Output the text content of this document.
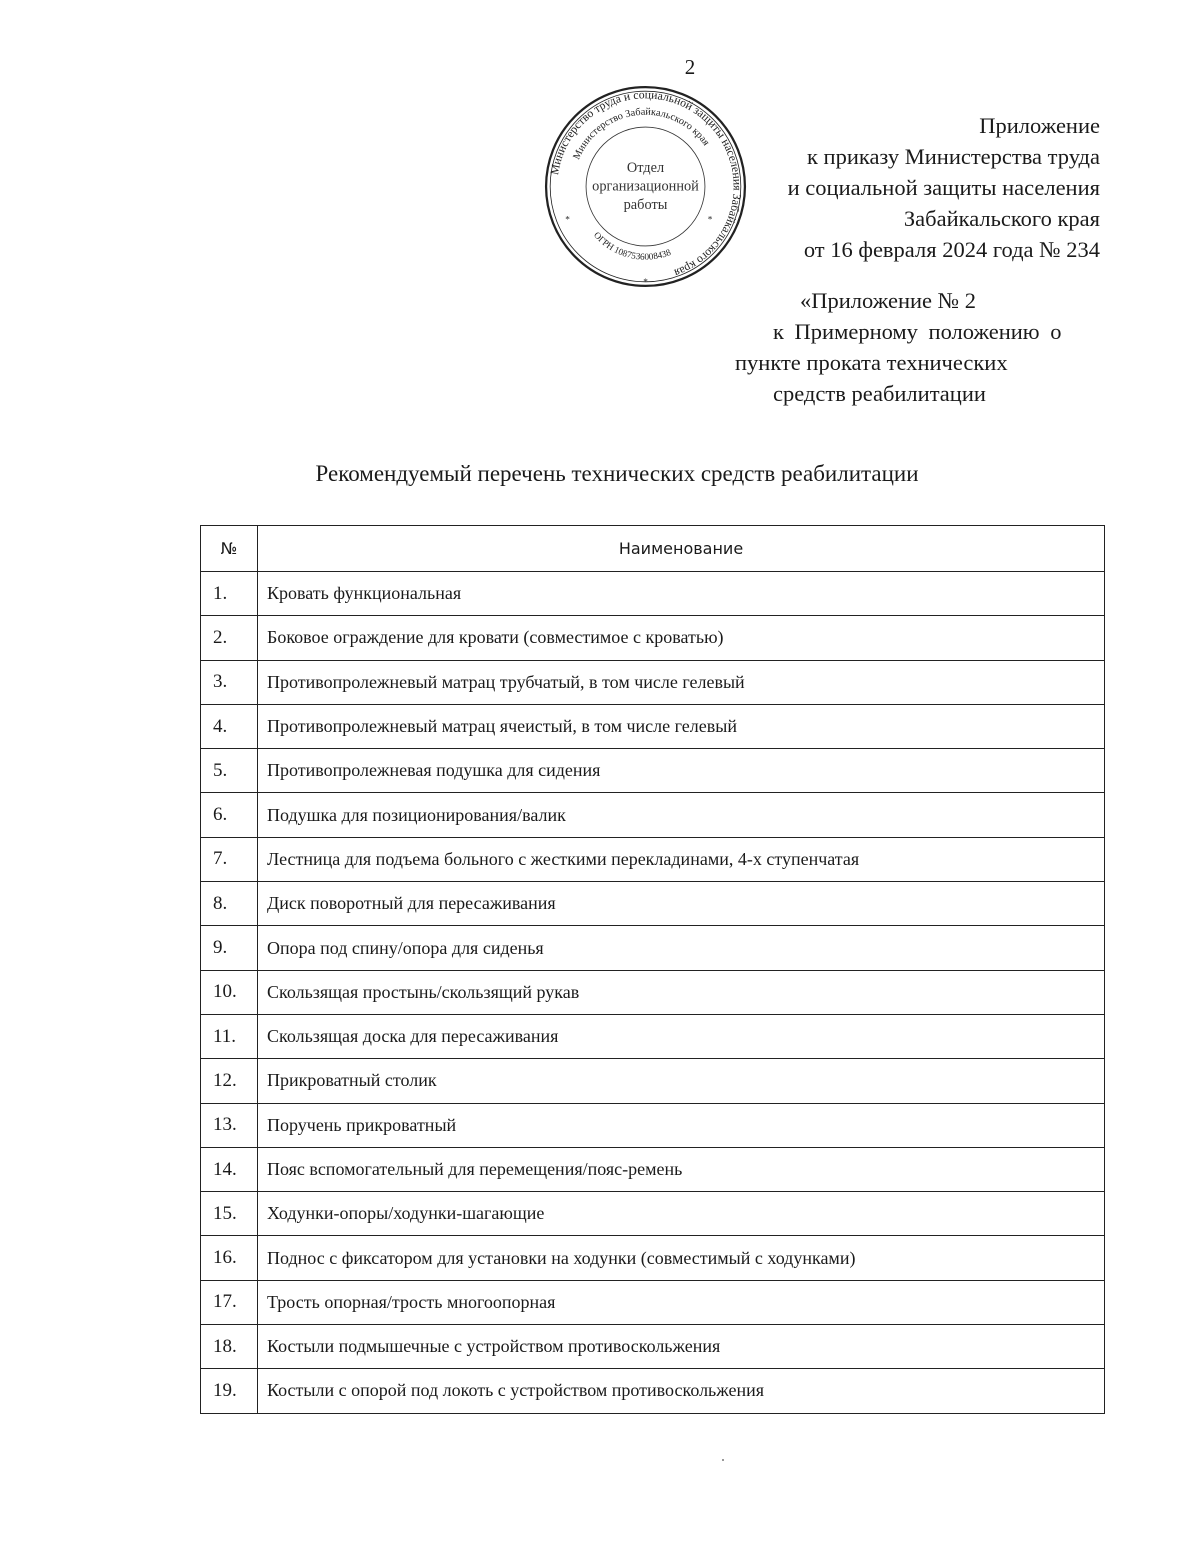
2
Приложение
к приказу Министерства труда
и социальной защиты населения
Забайкальского края
от 16 февраля 2024 года № 234
Министерство труда и социальной защиты населения Забайкальского края
Министерство Забайкальского края
ОГРН 1087536008438
Отдел
организационной
работы
*
*	*
«Приложение № 2
к Примерному положению о
пункте проката технических
средств реабилитации
Рекомендуемый перечень технических средств реабилитации
№	Наименование
1.	Кровать функциональная
2.	Боковое ограждение для кровати (совместимое с кроватью)
3.	Противопролежневый матрац трубчатый, в том числе гелевый
4.	Противопролежневый матрац ячеистый, в том числе гелевый
5.	Противопролежневая подушка для сидения
6.	Подушка для позиционирования/валик
7.	Лестница для подъема больного с жесткими перекладинами, 4-х ступенчатая
8.	Диск поворотный для пересаживания
9.	Опора под спину/опора для сиденья
10.	Скользящая простынь/скользящий рукав
11.	Скользящая доска для пересаживания
12.	Прикроватный столик
13.	Поручень прикроватный
14.	Пояс вспомогательный для перемещения/пояс-ремень
15.	Ходунки-опоры/ходунки-шагающие
16.	Поднос с фиксатором для установки на ходунки (совместимый с ходунками)
17.	Трость опорная/трость многоопорная
18.	Костыли подмышечные с устройством противоскольжения
19.	Костыли с опорой под локоть с устройством противоскольжения
